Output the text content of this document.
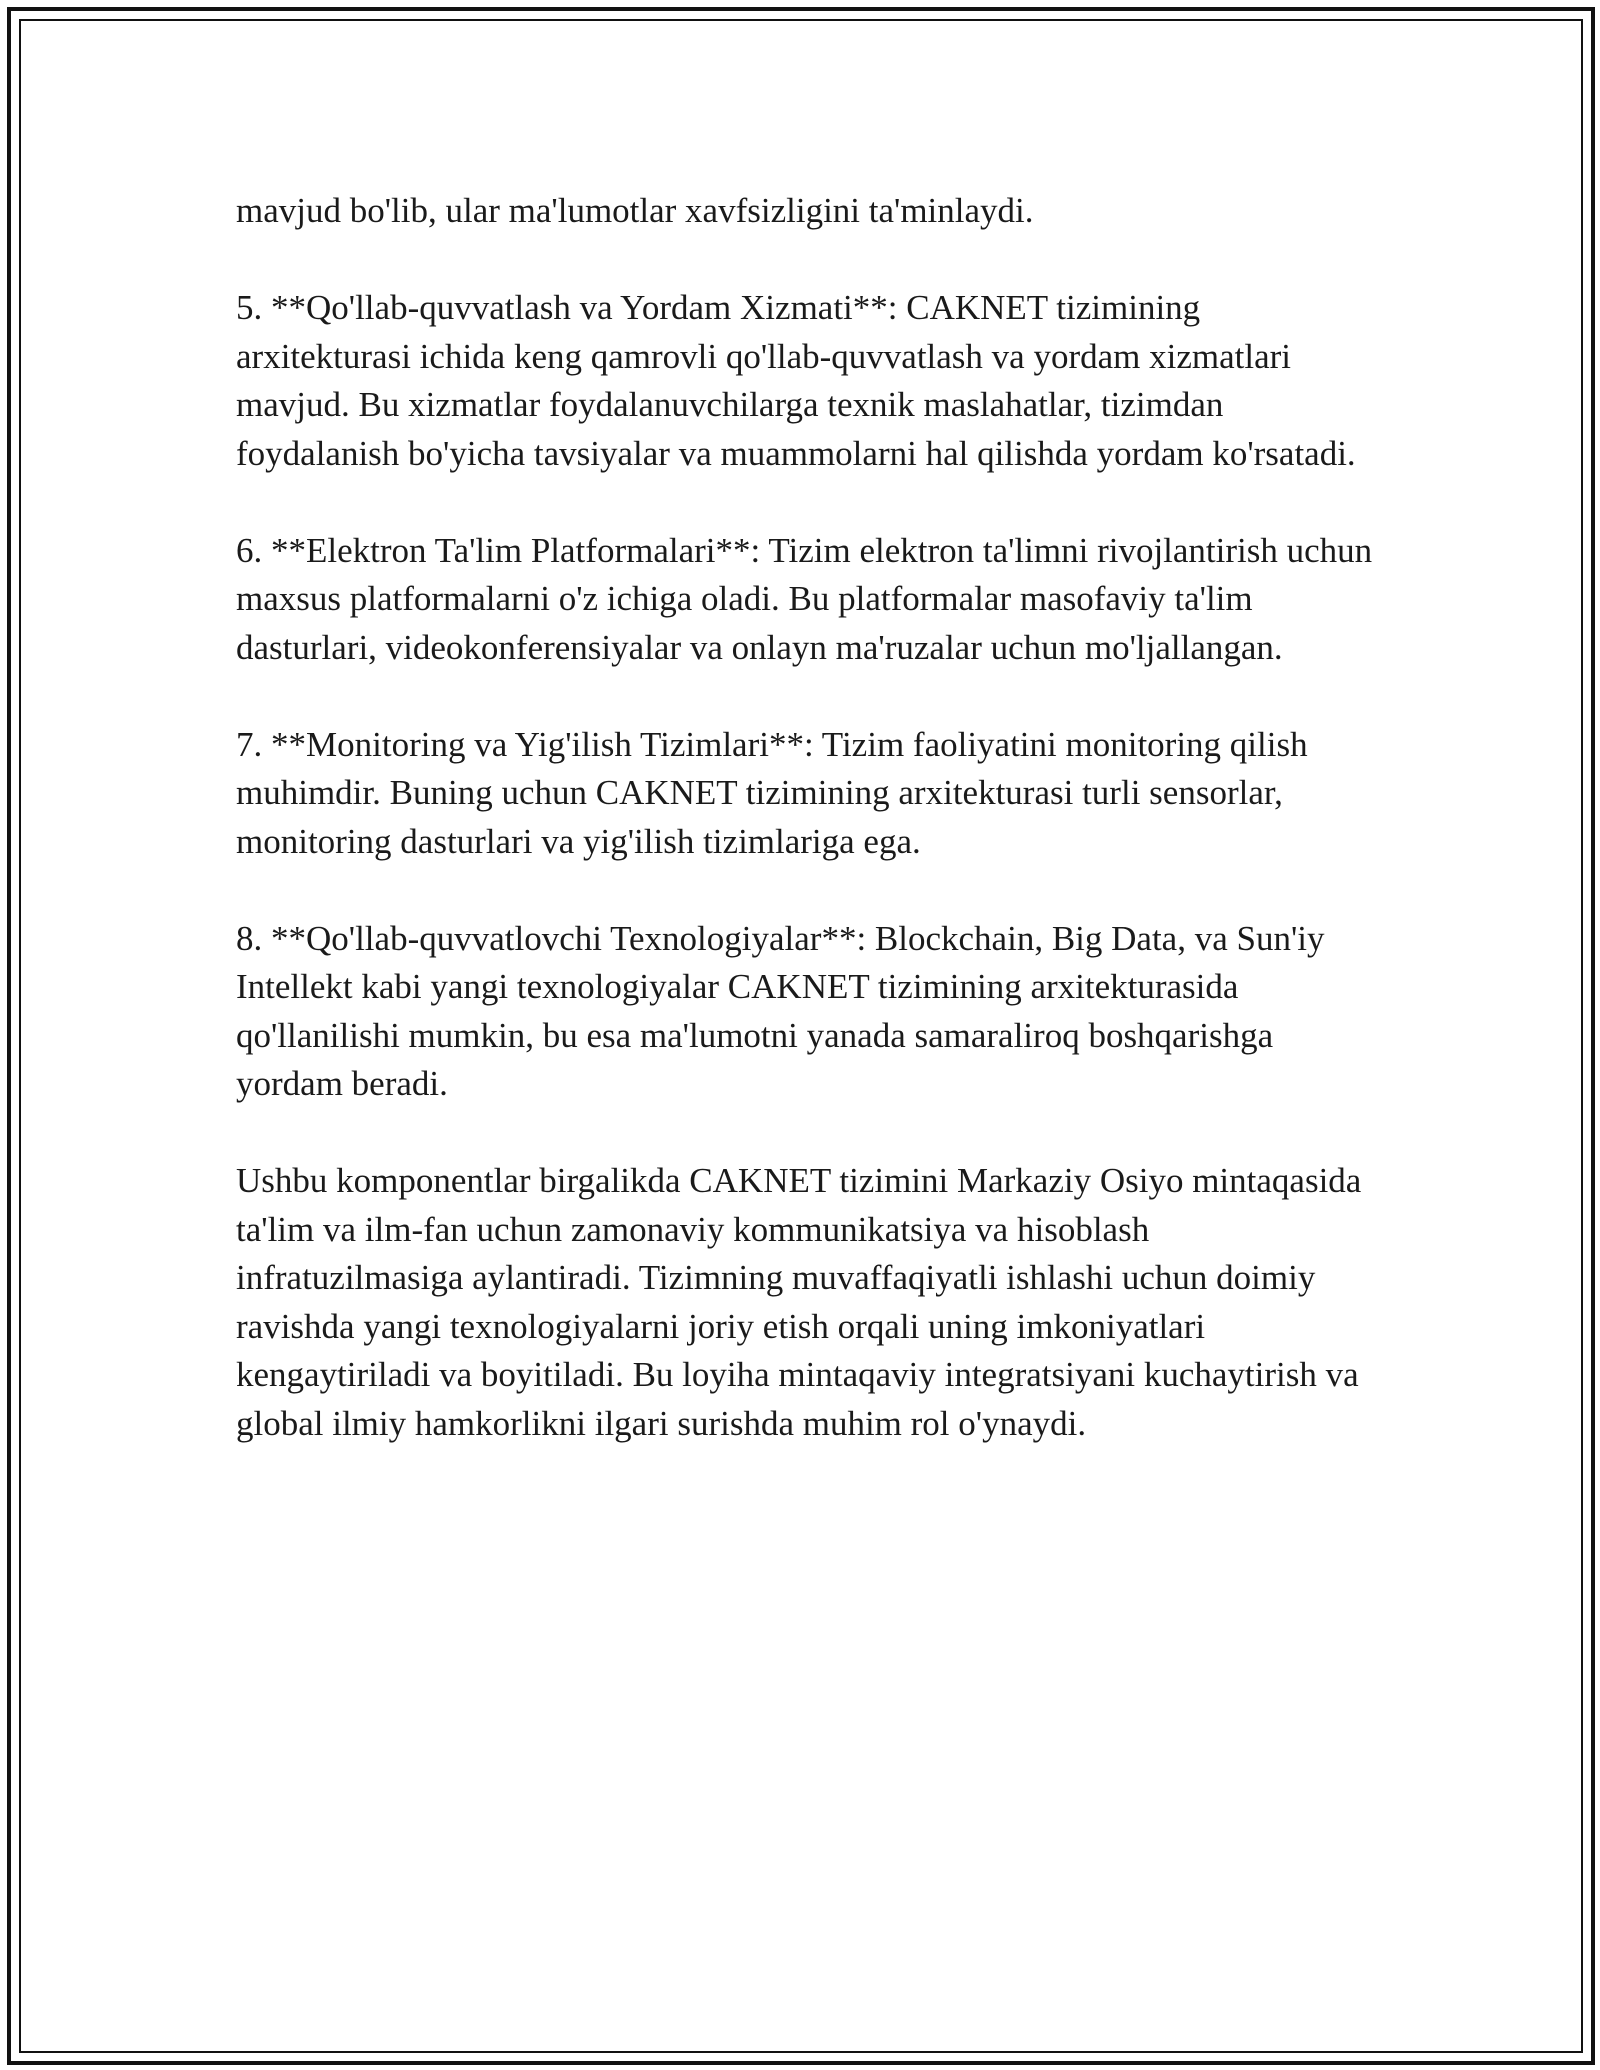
mavjud bo'lib, ular ma'lumotlar xavfsizligini ta'minlaydi.

5. **Qo'llab-quvvatlash va Yordam Xizmati**: CAKNET tizimining arxitekturasi ichida keng qamrovli qo'llab-quvvatlash va yordam xizmatlari mavjud. Bu xizmatlar foydalanuvchilarga texnik maslahatlar, tizimdan foydalanish bo'yicha tavsiyalar va muammolarni hal qilishda yordam ko'rsatadi.

6. **Elektron Ta'lim Platformalari**: Tizim elektron ta'limni rivojlantirish uchun maxsus platformalarni o'z ichiga oladi. Bu platformalar masofaviy ta'lim dasturlari, videokonferensiyalar va onlayn ma'ruzalar uchun mo'ljallangan.

7. **Monitoring va Yig'ilish Tizimlari**: Tizim faoliyatini monitoring qilish muhimdir. Buning uchun CAKNET tizimining arxitekturasi turli sensorlar, monitoring dasturlari va yig'ilish tizimlariga ega.

8. **Qo'llab-quvvatlovchi Texnologiyalar**: Blockchain, Big Data, va Sun'iy Intellekt kabi yangi texnologiyalar CAKNET tizimining arxitekturasida qo'llanilishi mumkin, bu esa ma'lumotni yanada samaraliroq boshqarishga yordam beradi.

Ushbu komponentlar birgalikda CAKNET tizimini Markaziy Osiyo mintaqasida ta'lim va ilm-fan uchun zamonaviy kommunikatsiya va hisoblash infratuzilmasiga aylantiradi. Tizimning muvaffaqiyatli ishlashi uchun doimiy ravishda yangi texnologiyalarni joriy etish orqali uning imkoniyatlari kengaytiriladi va boyitiladi. Bu loyiha mintaqaviy integratsiyani kuchaytirish va global ilmiy hamkorlikni ilgari surishda muhim rol o'ynaydi.
